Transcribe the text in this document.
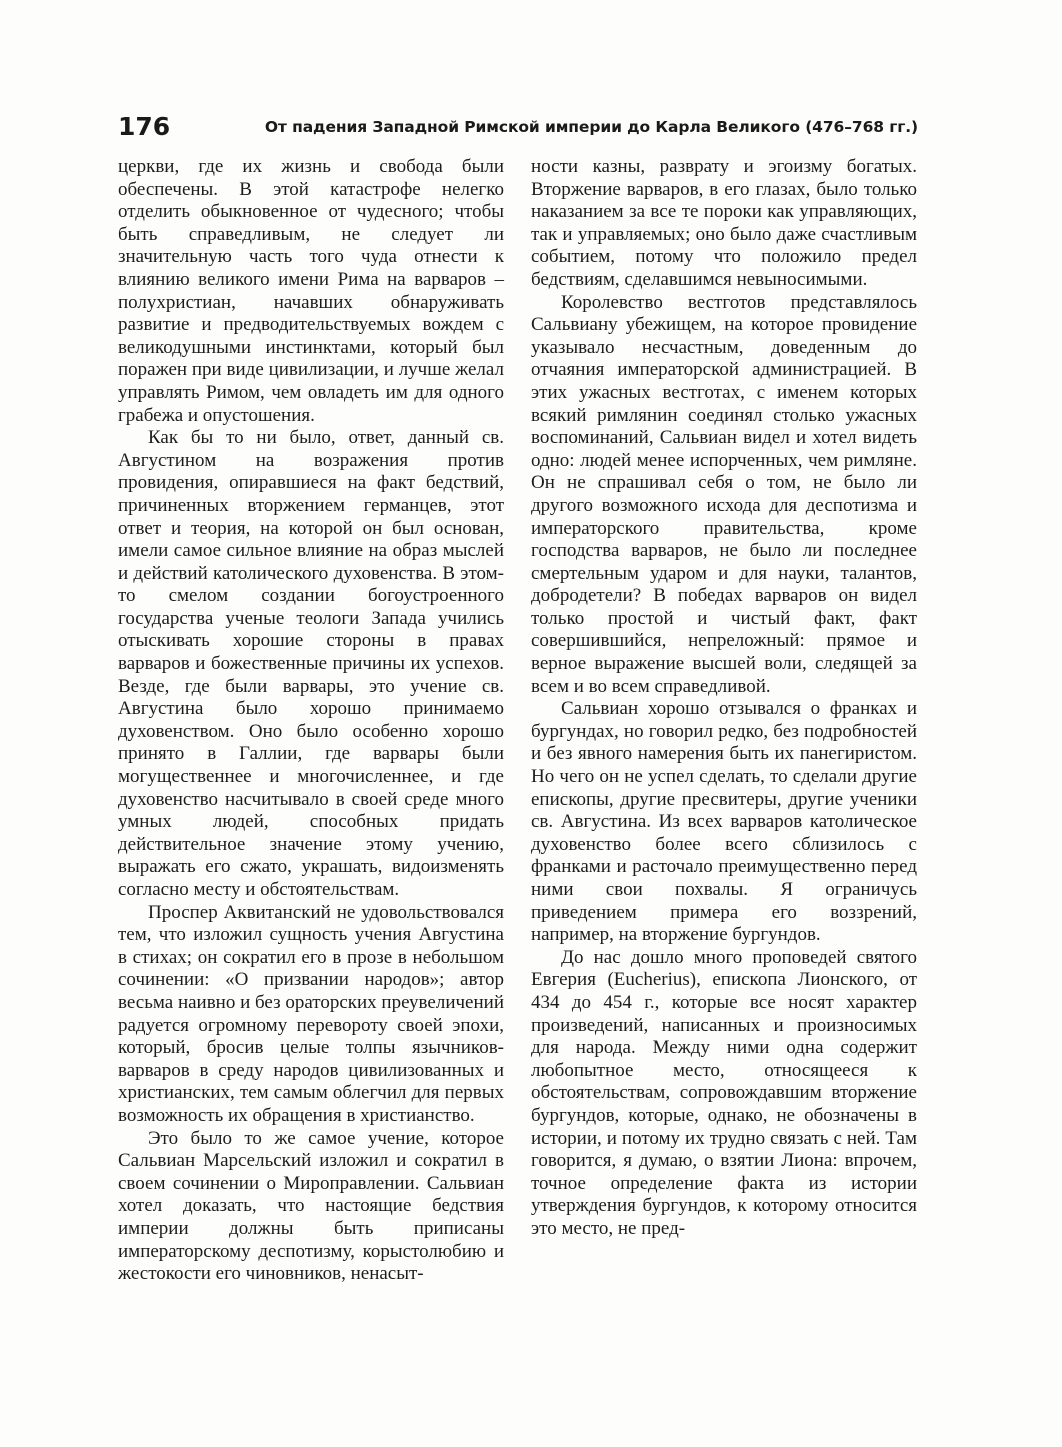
176	От падения Западной Римской империи до Карла Великого (476–768 гг.)

церкви, где их жизнь и свобода были обеспечены. В этой катастрофе нелегко отделить обыкновенное от чудесного; чтобы быть справедливым, не следует ли значительную часть того чуда отнести к влиянию великого имени Рима на варваров – полухристиан, начавших обнаруживать развитие и предводительствуемых вождем с великодушными инстинктами, который был поражен при виде цивилизации, и лучше желал управлять Римом, чем овладеть им для одного грабежа и опустошения.

Как бы то ни было, ответ, данный св. Августином на возражения против провидения, опиравшиеся на факт бедствий, причиненных вторжением германцев, этот ответ и теория, на которой он был основан, имели самое сильное влияние на образ мыслей и действий католического духовенства. В этом-то смелом создании богоустроенного государства ученые теологи Запада учились отыскивать хорошие стороны в правах варваров и божественные причины их успехов. Везде, где были варвары, это учение св. Августина было хорошо принимаемо духовенством. Оно было особенно хорошо принято в Галлии, где варвары были могущественнее и многочисленнее, и где духовенство насчитывало в своей среде много умных людей, способных придать действительное значение этому учению, выражать его сжато, украшать, видоизменять согласно месту и обстоятельствам.

Проспер Аквитанский не удовольствовался тем, что изложил сущность учения Августина в стихах; он сократил его в прозе в небольшом сочинении: «О призвании народов»; автор весьма наивно и без ораторских преувеличений радуется огромному перевороту своей эпохи, который, бросив целые толпы язычников-варваров в среду народов цивилизованных и христианских, тем самым облегчил для первых возможность их обращения в христианство.

Это было то же самое учение, которое Сальвиан Марсельский изложил и сократил в своем сочинении о Мироправлении. Сальвиан хотел доказать, что настоящие бедствия империи должны быть приписаны императорскому деспотизму, корыстолюбию и жестокости его чиновников, ненасыт-

ности казны, разврату и эгоизму богатых. Вторжение варваров, в его глазах, было только наказанием за все те пороки как управляющих, так и управляемых; оно было даже счастливым событием, потому что положило предел бедствиям, сделавшимся невыносимыми.

Королевство вестготов представлялось Сальвиану убежищем, на которое провидение указывало несчастным, доведенным до отчаяния императорской администрацией. В этих ужасных вестготах, с именем которых всякий римлянин соединял столько ужасных воспоминаний, Сальвиан видел и хотел видеть одно: людей менее испорченных, чем римляне. Он не спрашивал себя о том, не было ли другого возможного исхода для деспотизма и императорского правительства, кроме господства варваров, не было ли последнее смертельным ударом и для науки, талантов, добродетели? В победах варваров он видел только простой и чистый факт, факт совершившийся, непреложный: прямое и верное выражение высшей воли, следящей за всем и во всем справедливой.

Сальвиан хорошо отзывался о франках и бургундах, но говорил редко, без подробностей и без явного намерения быть их панегиристом. Но чего он не успел сделать, то сделали другие епископы, другие пресвитеры, другие ученики св. Августина. Из всех варваров католическое духовенство более всего сблизилось с франками и расточало преимущественно перед ними свои похвалы. Я ограничусь приведением примера его воззрений, например, на вторжение бургундов.

До нас дошло много проповедей святого Евгерия (Eucherius), епископа Лионского, от 434 до 454 г., которые все носят характер произведений, написанных и произносимых для народа. Между ними одна содержит любопытное место, относящееся к обстоятельствам, сопровождавшим вторжение бургундов, которые, однако, не обозначены в истории, и потому их трудно связать с ней. Там говорится, я думаю, о взятии Лиона: впрочем, точное определение факта из истории утверждения бургундов, к которому относится это место, не пред-
